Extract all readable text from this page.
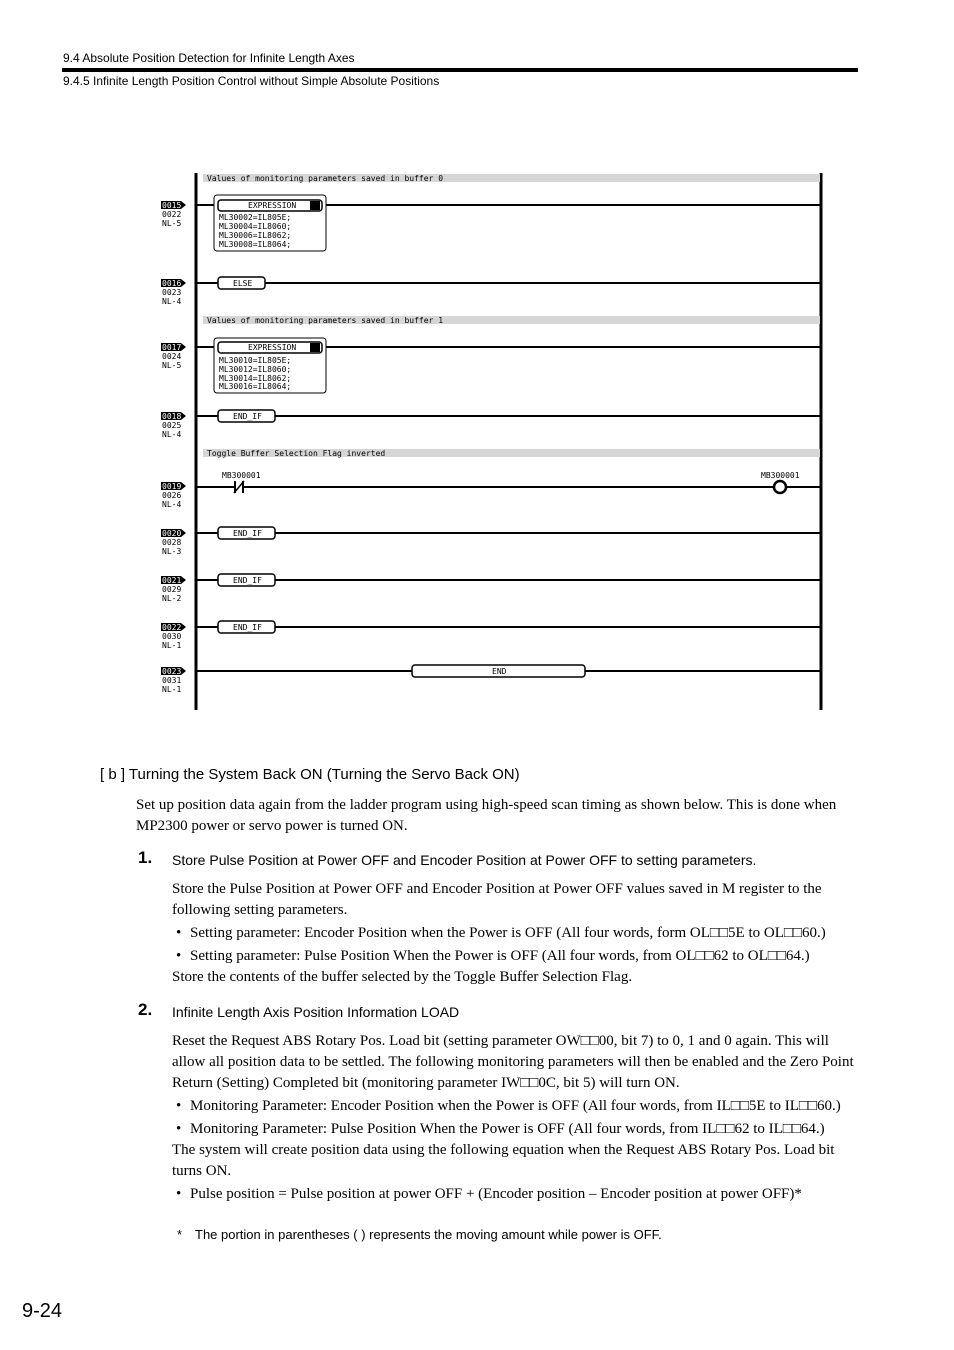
9.4 Absolute Position Detection for Infinite Length Axes
9.4.5 Infinite Length Position Control without Simple Absolute Positions
Values of monitoring parameters saved in buffer 0
Values of monitoring parameters saved in buffer 1
Toggle Buffer Selection Flag inverted
0015
0022
NL-5
EXPRESSION
ML30002=IL805E;
ML30004=IL8060;
ML30006=IL8062;
ML30008=IL8064;
0016
0023
NL-4
ELSE
0017
0024
NL-5
EXPRESSION
ML30010=IL805E;
ML30012=IL8060;
ML30014=IL8062;
ML30016=IL8064;
0018
0025
NL-4
END_IF
0019
0026
NL-4
MB300001	MB300001
0020
0028
NL-3
END_IF
0021
0029
NL-2
END_IF
0022
0030
NL-1
END_IF
0023
0031
NL-1
END
[ b ] Turning the System Back ON (Turning the Servo Back ON)
Set up position data again from the ladder program using high-speed scan timing as shown below. This is done when MP2300 power or servo power is turned ON.
1. Store Pulse Position at Power OFF and Encoder Position at Power OFF to setting parameters.
Store the Pulse Position at Power OFF and Encoder Position at Power OFF values saved in M register to the following setting parameters.
• Setting parameter: Encoder Position when the Power is OFF (All four words, form OL□□5E to OL□□60.)
• Setting parameter: Pulse Position When the Power is OFF (All four words, from OL□□62 to OL□□64.)
Store the contents of the buffer selected by the Toggle Buffer Selection Flag.
2. Infinite Length Axis Position Information LOAD
Reset the Request ABS Rotary Pos. Load bit (setting parameter OW□□00, bit 7) to 0, 1 and 0 again. This will allow all position data to be settled. The following monitoring parameters will then be enabled and the Zero Point Return (Setting) Completed bit (monitoring parameter IW□□0C, bit 5) will turn ON.
• Monitoring Parameter: Encoder Position when the Power is OFF (All four words, from IL□□5E to IL□□60.)
• Monitoring Parameter: Pulse Position When the Power is OFF (All four words, from IL□□62 to IL□□64.)
The system will create position data using the following equation when the Request ABS Rotary Pos. Load bit turns ON.
• Pulse position = Pulse position at power OFF + (Encoder position – Encoder position at power OFF)*
* The portion in parentheses ( ) represents the moving amount while power is OFF.
9-24
